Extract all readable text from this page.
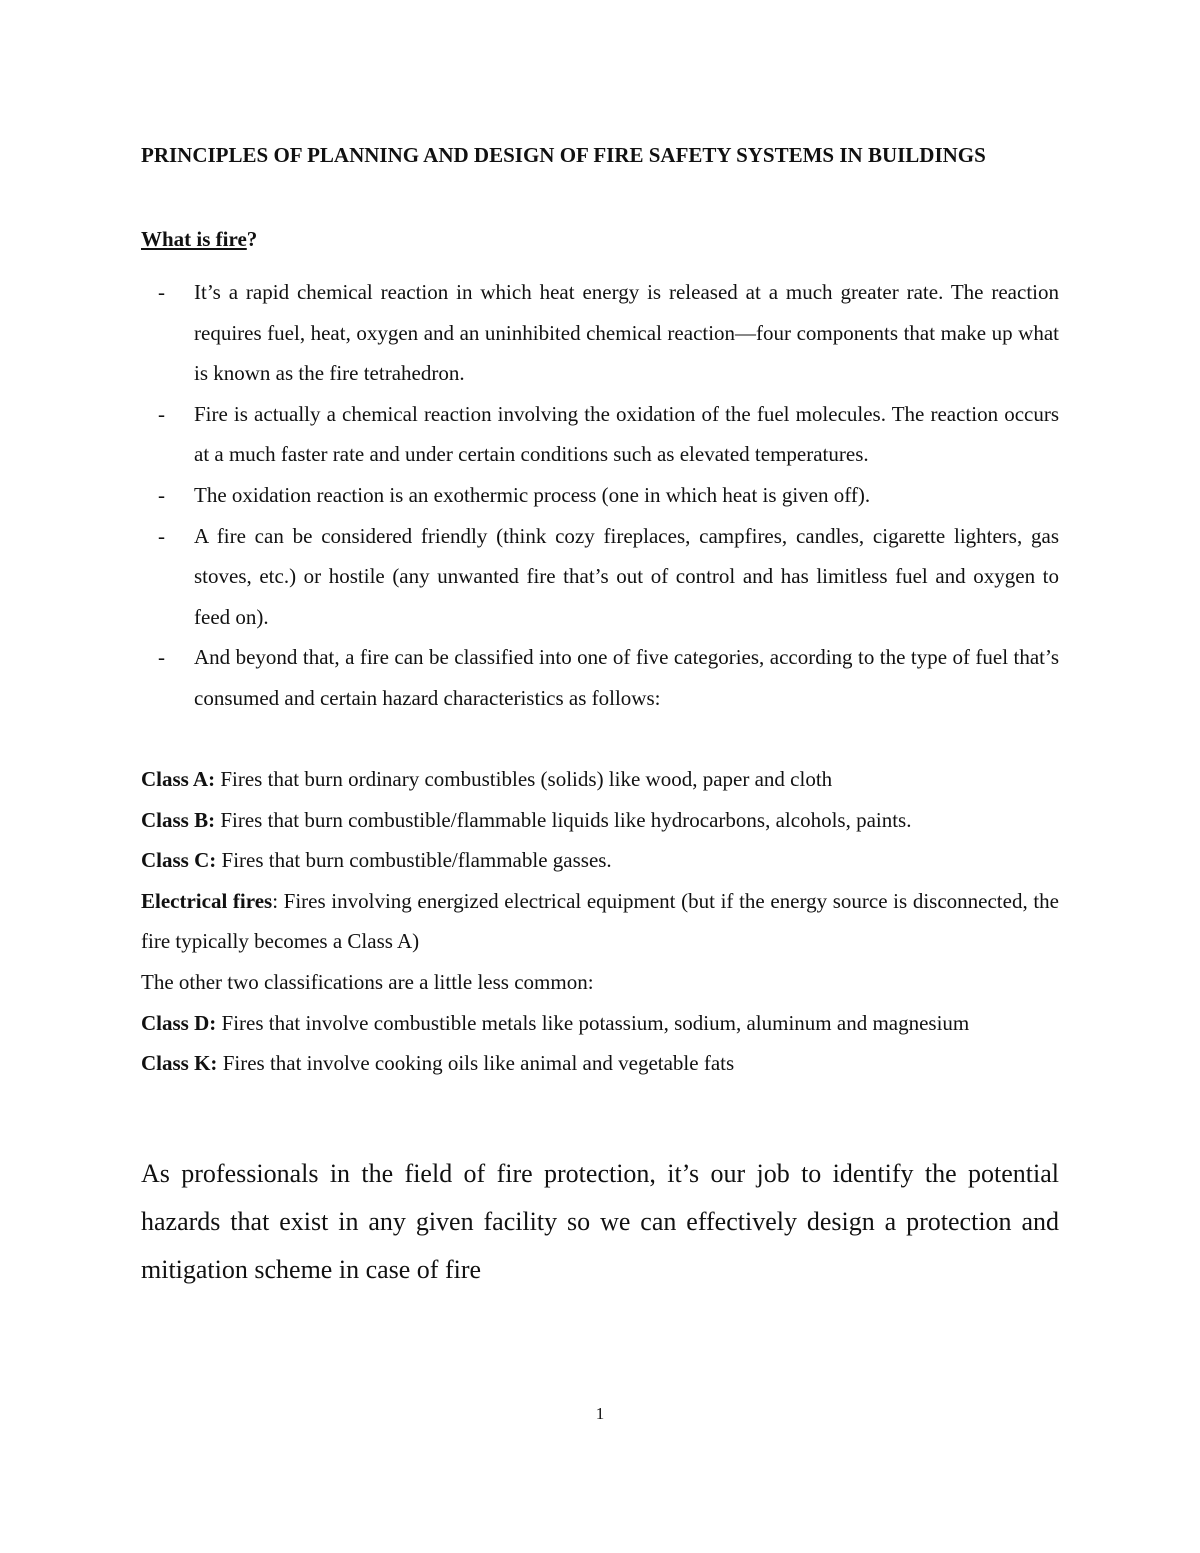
PRINCIPLES OF PLANNING AND DESIGN OF FIRE SAFETY SYSTEMS IN BUILDINGS
What is fire?
- It’s a rapid chemical reaction in which heat energy is released at a much greater rate. The reaction requires fuel, heat, oxygen and an uninhibited chemical reaction—four components that make up what is known as the fire tetrahedron.
- Fire is actually a chemical reaction involving the oxidation of the fuel molecules. The reaction occurs at a much faster rate and under certain conditions such as elevated temperatures.
- The oxidation reaction is an exothermic process (one in which heat is given off).
- A fire can be considered friendly (think cozy fireplaces, campfires, candles, cigarette lighters, gas stoves, etc.) or hostile (any unwanted fire that’s out of control and has limitless fuel and oxygen to feed on).
- And beyond that, a fire can be classified into one of five categories, according to the type of fuel that’s consumed and certain hazard characteristics as follows:

Class A: Fires that burn ordinary combustibles (solids) like wood, paper and cloth

Class B: Fires that burn combustible/flammable liquids like hydrocarbons, alcohols, paints.

Class C: Fires that burn combustible/flammable gasses.

Electrical fires: Fires involving energized electrical equipment (but if the energy source is disconnected, the fire typically becomes a Class A)

The other two classifications are a little less common:

Class D: Fires that involve combustible metals like potassium, sodium, aluminum and magnesium

Class K: Fires that involve cooking oils like animal and vegetable fats

As professionals in the field of fire protection, it’s our job to identify the potential hazards that exist in any given facility so we can effectively design a protection and mitigation scheme in case of fire

1
